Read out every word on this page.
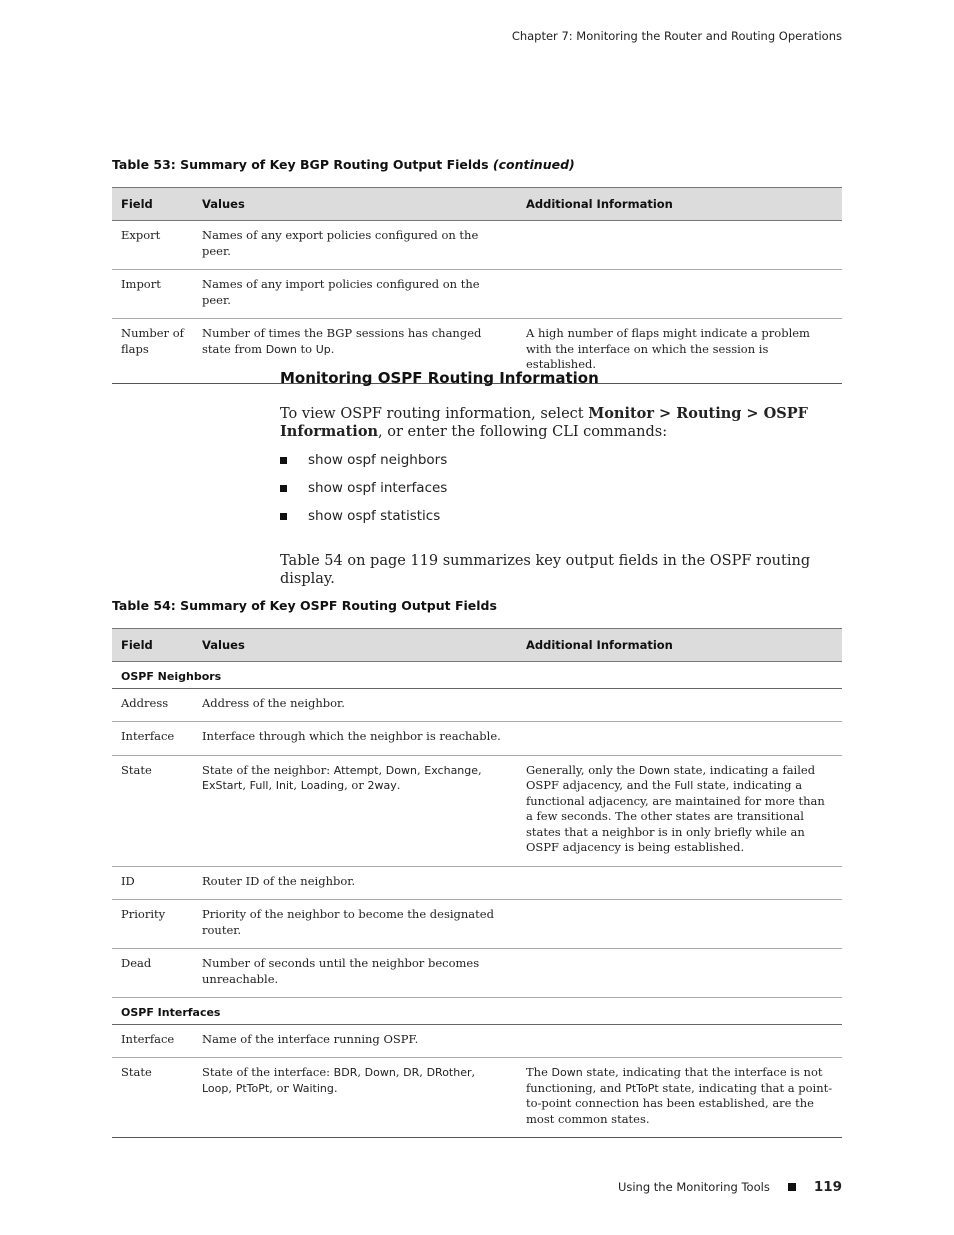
Chapter 7: Monitoring the Router and Routing Operations
Table 53: Summary of Key BGP Routing Output Fields (continued)
Field	Values	Additional Information
Export	Names of any export policies configured on the peer.	
Import	Names of any import policies configured on the peer.	
Number of flaps	Number of times the BGP sessions has changed state from Down to Up.	A high number of flaps might indicate a problem with the interface on which the session is established.
Monitoring OSPF Routing Information

To view OSPF routing information, select Monitor > Routing > OSPF Information, or enter the following CLI commands:

show ospf neighbors
show ospf interfaces
show ospf statistics

Table 54 on page 119 summarizes key output fields in the OSPF routing display.

Table 54: Summary of Key OSPF Routing Output Fields
Field	Values	Additional Information
OSPF Neighbors		
Address	Address of the neighbor.	
Interface	Interface through which the neighbor is reachable.	
State	State of the neighbor: Attempt, Down, Exchange, ExStart, Full, Init, Loading, or 2way.	Generally, only the Down state, indicating a failed OSPF adjacency, and the Full state, indicating a functional adjacency, are maintained for more than a few seconds. The other states are transitional states that a neighbor is in only briefly while an OSPF adjacency is being established.
ID	Router ID of the neighbor.	
Priority	Priority of the neighbor to become the designated router.	
Dead	Number of seconds until the neighbor becomes unreachable.	
OSPF Interfaces		
Interface	Name of the interface running OSPF.	
State	State of the interface: BDR, Down, DR, DRother, Loop, PtToPt, or Waiting.	The Down state, indicating that the interface is not functioning, and PtToPt state, indicating that a point-to-point connection has been established, are the most common states.
Using the Monitoring Tools	119
